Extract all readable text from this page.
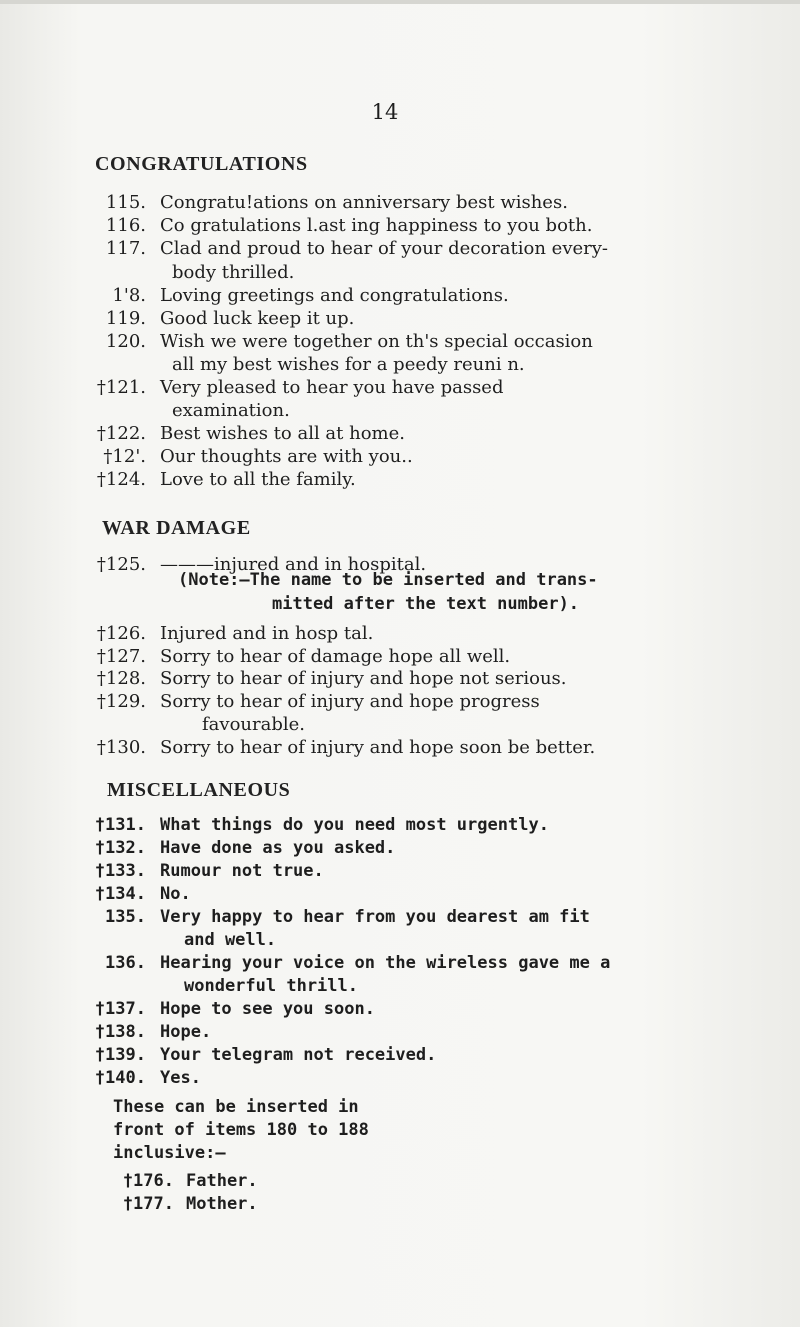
14
CONGRATULATIONS
115. Congratu!ations on anniversary best wishes.
116. Co gratulations l.ast ing happiness to you both.
117. Clad and proud to hear of your decoration every-
body thrilled.
1'8. Loving greetings and congratulations.
119. Good luck keep it up.
120. Wish we were together on th's special occasion
all my best wishes for a peedy reuni n.
†121. Very pleased to hear you have passed
examination.
†122. Best wishes to all at home.
†12'. Our thoughts are with you..
†124. Love to all the family.
WAR DAMAGE
†125. ———injured and in hospital.
(Note:—The name to be inserted and trans-
mitted after the text number).
†126. Injured and in hosp tal.
†127. Sorry to hear of damage hope all well.
†128. Sorry to hear of injury and hope not serious.
†129. Sorry to hear of injury and hope progress
favourable.
†130. Sorry to hear of injury and hope soon be better.
MISCELLANEOUS
†131. What things do you need most urgently.
†132. Have done as you asked.
†133. Rumour not true.
†134. No.
135. Very happy to hear from you dearest am fit
and well.
136. Hearing your voice on the wireless gave me a
wonderful thrill.
†137. Hope to see you soon.
†138. Hope.
†139. Your telegram not received.
†140. Yes.
These can be inserted in
front of items 180 to 188
inclusive:—
†176. Father.
†177. Mother.
